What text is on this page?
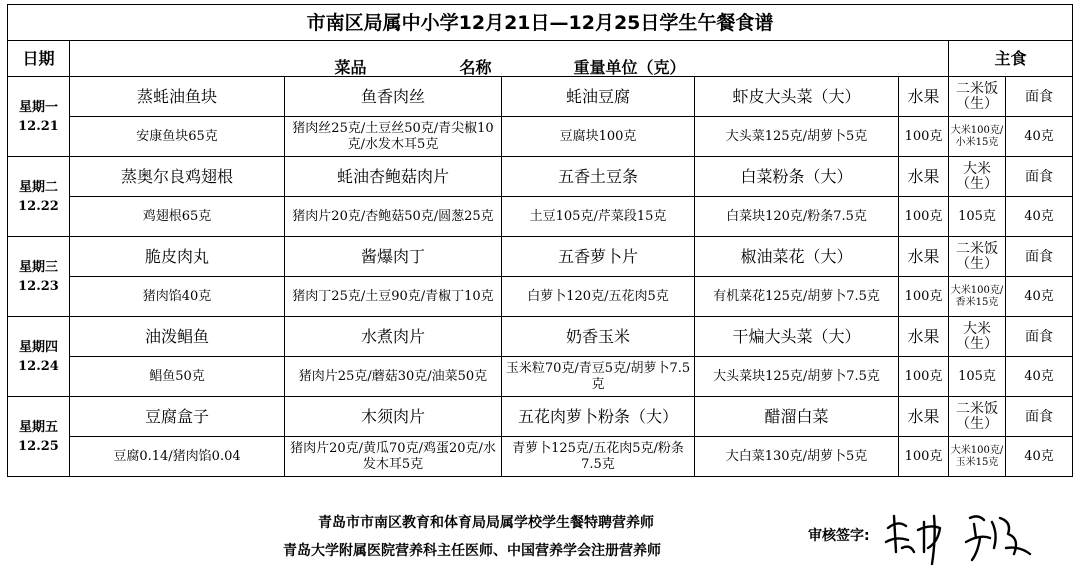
市南区局属中小学12月21日—12月25日学生午餐食谱							
日期	菜品 名称 重量单位（克）					主食	

星期一
12.21	蒸蚝油鱼块	鱼香肉丝	蚝油豆腐	虾皮大头菜（大）	水果	二米饭（生）	面食
	安康鱼块65克	猪肉丝25克/土豆丝50克/青尖椒10克/水发木耳5克	豆腐块100克	大头菜125克/胡萝卜5克	100克	大米100克/小米15克	40克

星期二
12.22	蒸奥尔良鸡翅根	蚝油杏鲍菇肉片	五香土豆条	白菜粉条（大）	水果	大米（生）	面食
	鸡翅根65克	猪肉片20克/杏鲍菇50克/圆葱25克	土豆105克/芹菜段15克	白菜块120克/粉条7.5克	100克	105克	40克

星期三
12.23	脆皮肉丸	酱爆肉丁	五香萝卜片	椒油菜花（大）	水果	二米饭（生）	面食
	猪肉馅40克	猪肉丁25克/土豆90克/青椒丁10克	白萝卜120克/五花肉5克	有机菜花125克/胡萝卜7.5克	100克	大米100克/香米15克	40克

星期四
12.24	油泼鲳鱼	水煮肉片	奶香玉米	干煸大头菜（大）	水果	大米（生）	面食
	鲳鱼50克	猪肉片25克/蘑菇30克/油菜50克	玉米粒70克/青豆5克/胡萝卜7.5克	大头菜块125克/胡萝卜7.5克	100克	105克	40克

星期五
12.25	豆腐盒子	木须肉片	五花肉萝卜粉条（大）	醋溜白菜	水果	二米饭（生）	面食
	豆腐0.14/猪肉馅0.04	猪肉片20克/黄瓜70克/鸡蛋20克/水发木耳5克	青萝卜125克/五花肉5克/粉条7.5克	大白菜130克/胡萝卜5克	100克	大米100克/玉米15克	40克
青岛市市南区教育和体育局局属学校学生餐特聘营养师
青岛大学附属医院营养科主任医师、中国营养学会注册营养师
审核签字:
